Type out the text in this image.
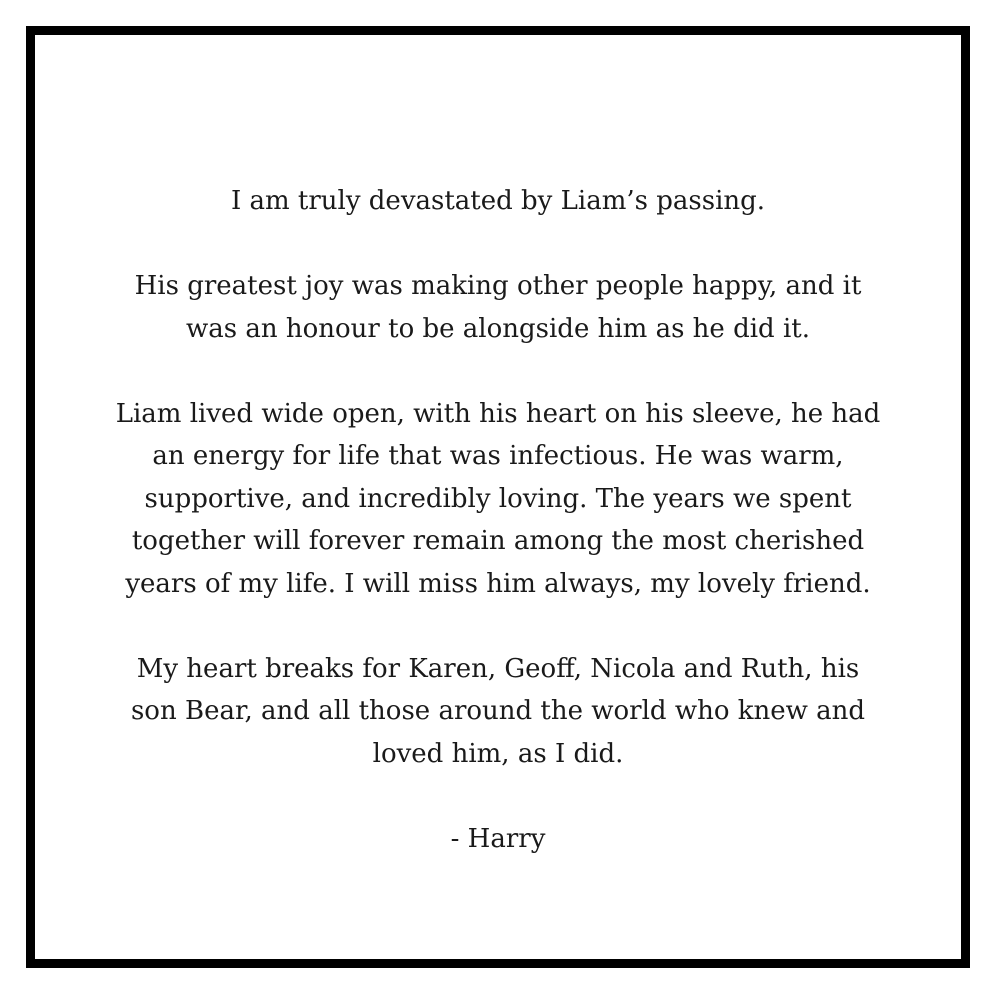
I am truly devastated by Liam’s passing.

His greatest joy was making other people happy, and it
was an honour to be alongside him as he did it.

Liam lived wide open, with his heart on his sleeve, he had
an energy for life that was infectious. He was warm,
supportive, and incredibly loving. The years we spent
together will forever remain among the most cherished
years of my life. I will miss him always, my lovely friend.

My heart breaks for Karen, Geoff, Nicola and Ruth, his
son Bear, and all those around the world who knew and
loved him, as I did.

- Harry
